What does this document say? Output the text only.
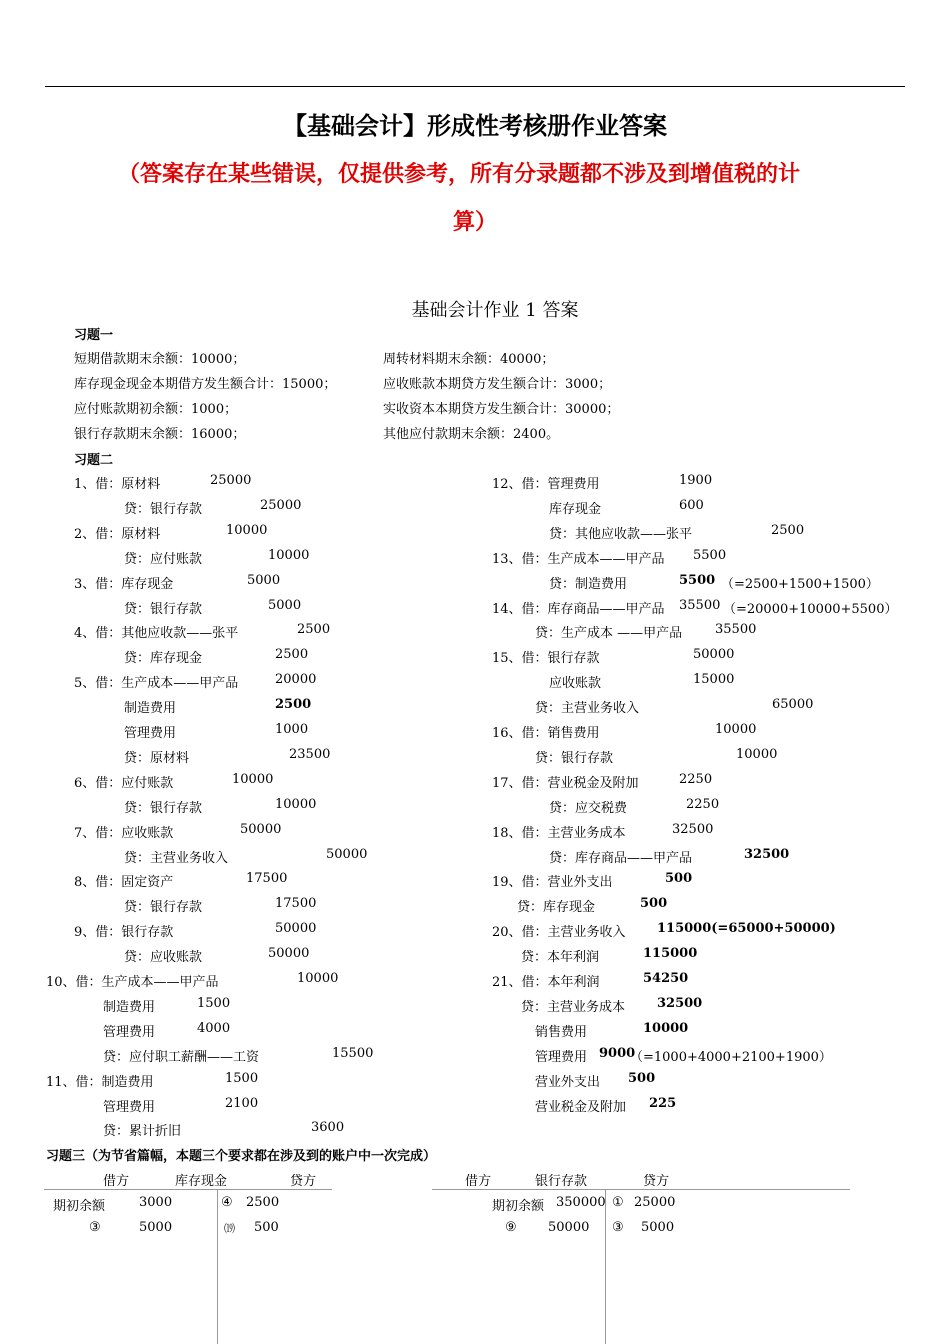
【基础会计】形成性考核册作业答案
（答案存在某些错误，仅提供参考，所有分录题都不涉及到增值税的计
算）
基础会计作业 1 答案
习题一
短期借款期末余额：10000；
库存现金现金本期借方发生额合计：15000；
应付账款期初余额：1000；
银行存款期末余额：16000；
周转材料期末余额：40000；
应收账款本期贷方发生额合计：3000；
实收资本本期贷方发生额合计：30000；
其他应付款期末余额：2400。
习题二
1、借：原材料	25000
贷：银行存款	25000
2、借：原材料	10000
贷：应付账款	10000
3、借：库存现金	5000
贷：银行存款	5000
4、借：其他应收款——张平	2500
贷：库存现金	2500
5、借：生产成本——甲产品	20000
制造费用	2500
管理费用	1000
贷：原材料	23500
6、借：应付账款	10000
贷：银行存款	10000
7、借：应收账款	50000
贷：主营业务收入	50000
8、借：固定资产	17500
贷：银行存款	17500
9、借：银行存款	50000
贷：应收账款	50000
10、借：生产成本——甲产品	10000
制造费用	1500
管理费用	4000
贷：应付职工薪酬——工资	15500
11、借：制造费用	1500
管理费用	2100
贷：累计折旧	3600
12、借：管理费用	1900
库存现金	600
贷：其他应收款——张平	2500
13、借：生产成本——甲产品 5500
贷：制造费用	5500 （=2500+1500+1500）
14、借：库存商品——甲产品 35500 （=20000+10000+5500）
贷：生产成本 ——甲产品	35500
15、借：银行存款	50000
应收账款	15000
贷：主营业务收入	65000
16、借：销售费用	10000
贷：银行存款	10000
17、借：营业税金及附加	2250
贷：应交税费	2250
18、借：主营业务成本	32500
贷：库存商品——甲产品	32500
19、借：营业外支出	500
贷：库存现金	500
20、借：主营业务收入 115000(=65000+50000)
贷：本年利润	115000
21、借：本年利润	54250
贷：主营业务成本 32500
销售费用	10000
管理费用 9000
（=1000+4000+2100+1900）
营业外支出 500
营业税金及附加 225
习题三（为节省篇幅，本题三个要求都在涉及到的账户中一次完成）
借方	库存现金	贷方
期初余额	3000	④ 2500
③	5000	⒆ 500
借方	银行存款	贷方
期初余额 350000 ① 25000
⑨ 50000 ③ 5000
